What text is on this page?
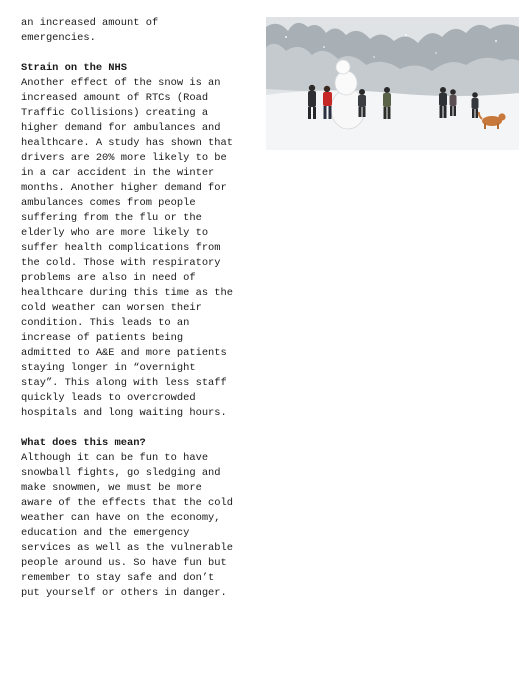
an increased amount of emergencies.

Strain on the NHS

Another effect of the snow is an increased amount of RTCs (Road Traffic Collisions) creating a higher demand for ambulances and healthcare. A study has shown that drivers are 20% more likely to be in a car accident in the winter months. Another higher demand for ambulances comes from people suffering from the flu or the elderly who are more likely to suffer health complications from the cold. Those with respiratory problems are also in need of healthcare during this time as the cold weather can worsen their condition. This leads to an increase of patients being admitted to A&E and more patients staying longer in “overnight stay”. This along with less staff quickly leads to overcrowded hospitals and long waiting hours.

What does this mean?

Although it can be fun to have snowball fights, go sledging and make snowmen, we must be more aware of the effects that the cold weather can have on the economy, education and the emergency services as well as the vulnerable people around us. So have fun but remember to stay safe and don’t put yourself or others in danger.
